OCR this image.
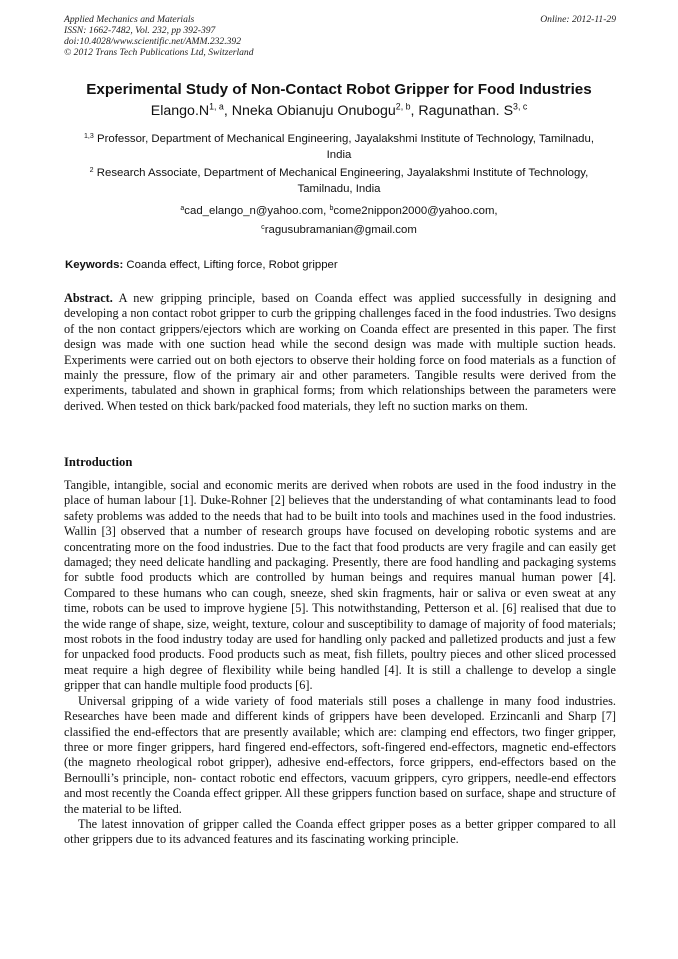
Applied Mechanics and Materials
ISSN: 1662-7482, Vol. 232, pp 392-397
doi:10.4028/www.scientific.net/AMM.232.392
© 2012 Trans Tech Publications Ltd, Switzerland
Online: 2012-11-29
Experimental Study of Non-Contact Robot Gripper for Food Industries
$Elango.N^{1, a}$, Nneka Obianuju Onubogu$^{2, b}$, Ragunathan. S$^{3, c}$
$^{1,3}$ Professor, Department of Mechanical Engineering, Jayalakshmi Institute of Technology, Tamilnadu, India
$^2$ Research Associate, Department of Mechanical Engineering, Jayalakshmi Institute of Technology, Tamilnadu, India
$^a$cad_elango_n@yahoo.com, $^b$come2nippon2000@yahoo.com,
$^c$ragusubramanian@gmail.com
Keywords: Coanda effect, Lifting force, Robot gripper
Abstract. A new gripping principle, based on Coanda effect was applied successfully in designing and developing a non contact robot gripper to curb the gripping challenges faced in the food industries. Two designs of the non contact grippers/ejectors which are working on Coanda effect are presented in this paper. The first design was made with one suction head while the second design was made with multiple suction heads. Experiments were carried out on both ejectors to observe their holding force on food materials as a function of mainly the pressure, flow of the primary air and other parameters. Tangible results were derived from the experiments, tabulated and shown in graphical forms; from which relationships between the parameters were derived. When tested on thick bark/packed food materials, they left no suction marks on them.
Introduction

Tangible, intangible, social and economic merits are derived when robots are used in the food industry in the place of human labour [1]. Duke-Rohner [2] believes that the understanding of what contaminants lead to food safety problems was added to the needs that had to be built into tools and machines used in the food industries. Wallin [3] observed that a number of research groups have focused on developing robotic systems and are concentrating more on the food industries. Due to the fact that food products are very fragile and can easily get damaged; they need delicate handling and packaging. Presently, there are food handling and packaging systems for subtle food products which are controlled by human beings and requires manual human power [4]. Compared to these humans who can cough, sneeze, shed skin fragments, hair or saliva or even sweat at any time, robots can be used to improve hygiene [5]. This notwithstanding, Petterson et al. [6] realised that due to the wide range of shape, size, weight, texture, colour and susceptibility to damage of majority of food materials; most robots in the food industry today are used for handling only packed and palletized products and just a few for unpacked food products. Food products such as meat, fish fillets, poultry pieces and other sliced processed meat require a high degree of flexibility while being handled [4]. It is still a challenge to develop a single gripper that can handle multiple food products [6].

Universal gripping of a wide variety of food materials still poses a challenge in many food industries. Researches have been made and different kinds of grippers have been developed. Erzincanli and Sharp [7] classified the end-effectors that are presently available; which are: clamping end effectors, two finger gripper, three or more finger grippers, hard fingered end-effectors, soft-fingered end-effectors, magnetic end-effectors (the magneto rheological robot gripper), adhesive end-effectors, force grippers, end-effectors based on the Bernoulli’s principle, non- contact robotic end effectors, vacuum grippers, cyro grippers, needle-end effectors and most recently the Coanda effect gripper. All these grippers function based on surface, shape and structure of the material to be lifted.

The latest innovation of gripper called the Coanda effect gripper poses as a better gripper compared to all other grippers due to its advanced features and its fascinating working principle.
